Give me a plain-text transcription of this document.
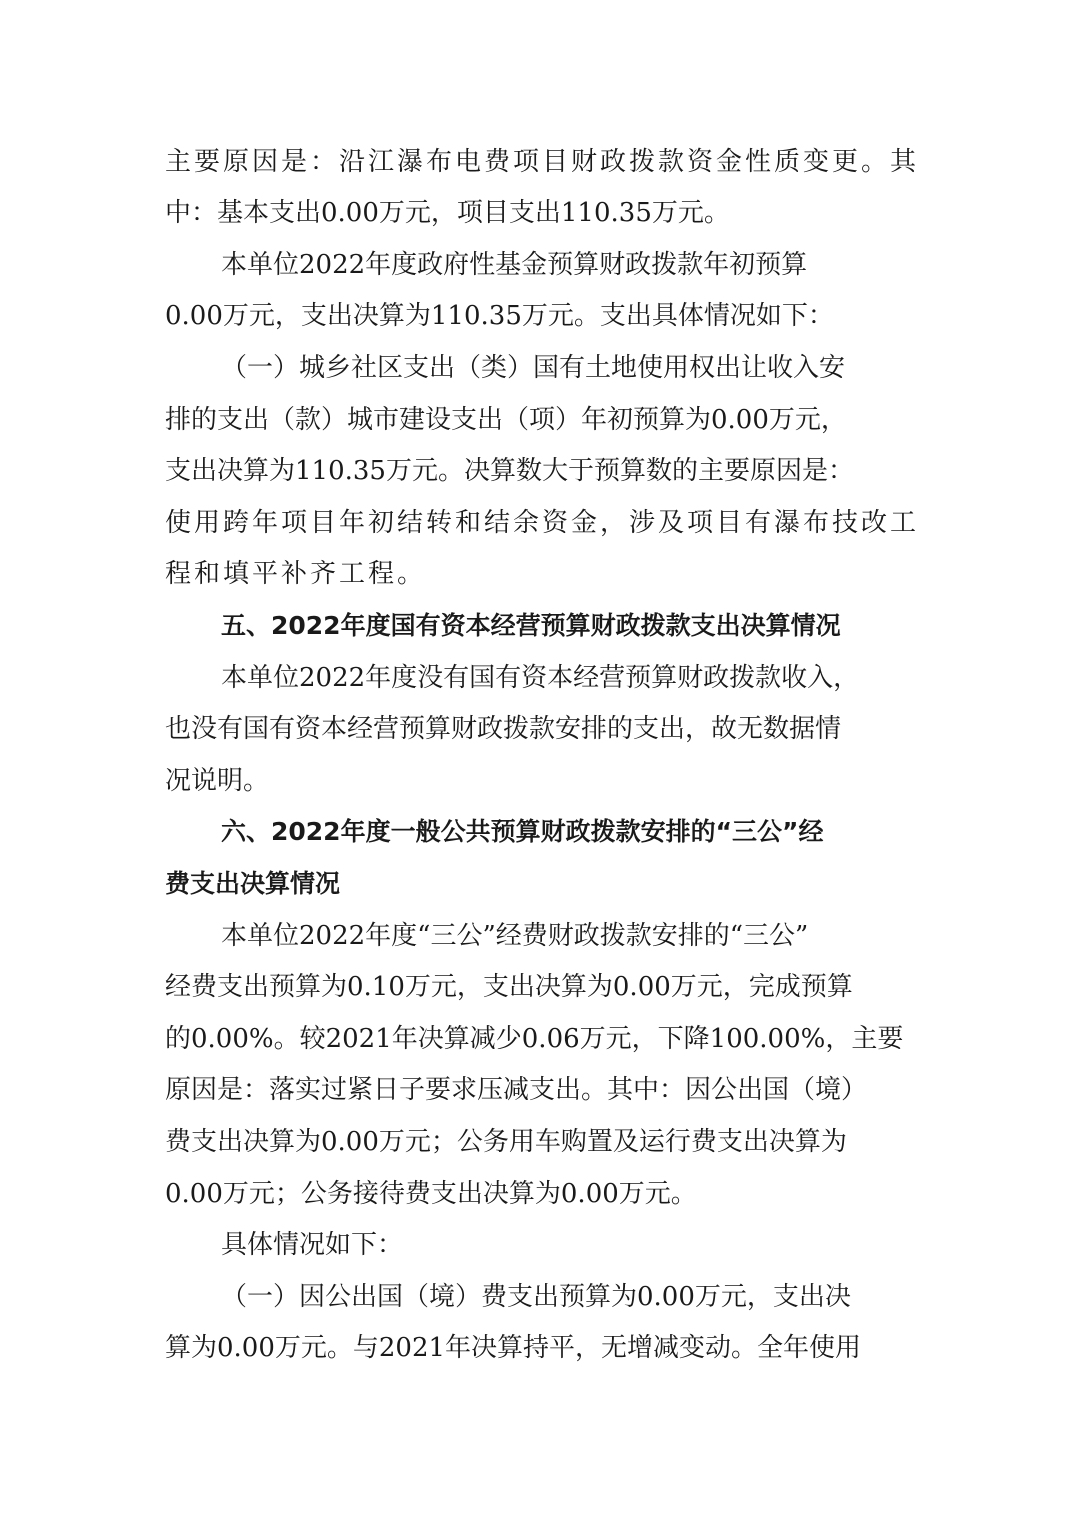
主要原因是：沿江瀑布电费项目财政拨款资金性质变更。其
中：基本支出0.00万元，项目支出110.35万元。
本单位2022年度政府性基金预算财政拨款年初预算
0.00万元，支出决算为110.35万元。支出具体情况如下：
（一）城乡社区支出（类）国有土地使用权出让收入安
排的支出（款）城市建设支出（项）年初预算为0.00万元，
支出决算为110.35万元。决算数大于预算数的主要原因是：
使用跨年项目年初结转和结余资金，涉及项目有瀑布技改工
程和填平补齐工程。
五、2022年度国有资本经营预算财政拨款支出决算情况
本单位2022年度没有国有资本经营预算财政拨款收入，
也没有国有资本经营预算财政拨款安排的支出，故无数据情
况说明。
六、2022年度一般公共预算财政拨款安排的“三公”经
费支出决算情况
本单位2022年度“三公”经费财政拨款安排的“三公”
经费支出预算为0.10万元，支出决算为0.00万元，完成预算
的0.00%。较2021年决算减少0.06万元，下降100.00%，主要
原因是：落实过紧日子要求压减支出。其中：因公出国（境）
费支出决算为0.00万元；公务用车购置及运行费支出决算为
0.00万元；公务接待费支出决算为0.00万元。
具体情况如下：
（一）因公出国（境）费支出预算为0.00万元，支出决
算为0.00万元。与2021年决算持平，无增减变动。全年使用
